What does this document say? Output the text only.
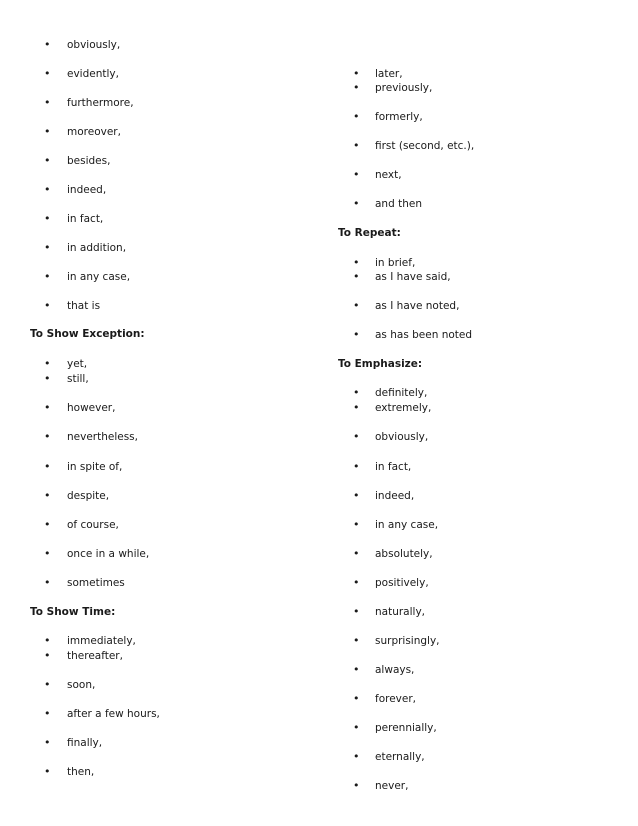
• obviously,
• evidently,
• furthermore,
• moreover,
• besides,
• indeed,
• in fact,
• in addition,
• in any case,
• that is
To Show Exception:
• yet,
• still,
• however,
• nevertheless,
• in spite of,
• despite,
• of course,
• once in a while,
• sometimes
To Show Time:
• immediately,
• thereafter,
• soon,
• after a few hours,
• finally,
• then,
• later,
• previously,
• formerly,
• first (second, etc.),
• next,
• and then
To Repeat:
• in brief,
• as I have said,
• as I have noted,
• as has been noted
To Emphasize:
• definitely,
• extremely,
• obviously,
• in fact,
• indeed,
• in any case,
• absolutely,
• positively,
• naturally,
• surprisingly,
• always,
• forever,
• perennially,
• eternally,
• never,
